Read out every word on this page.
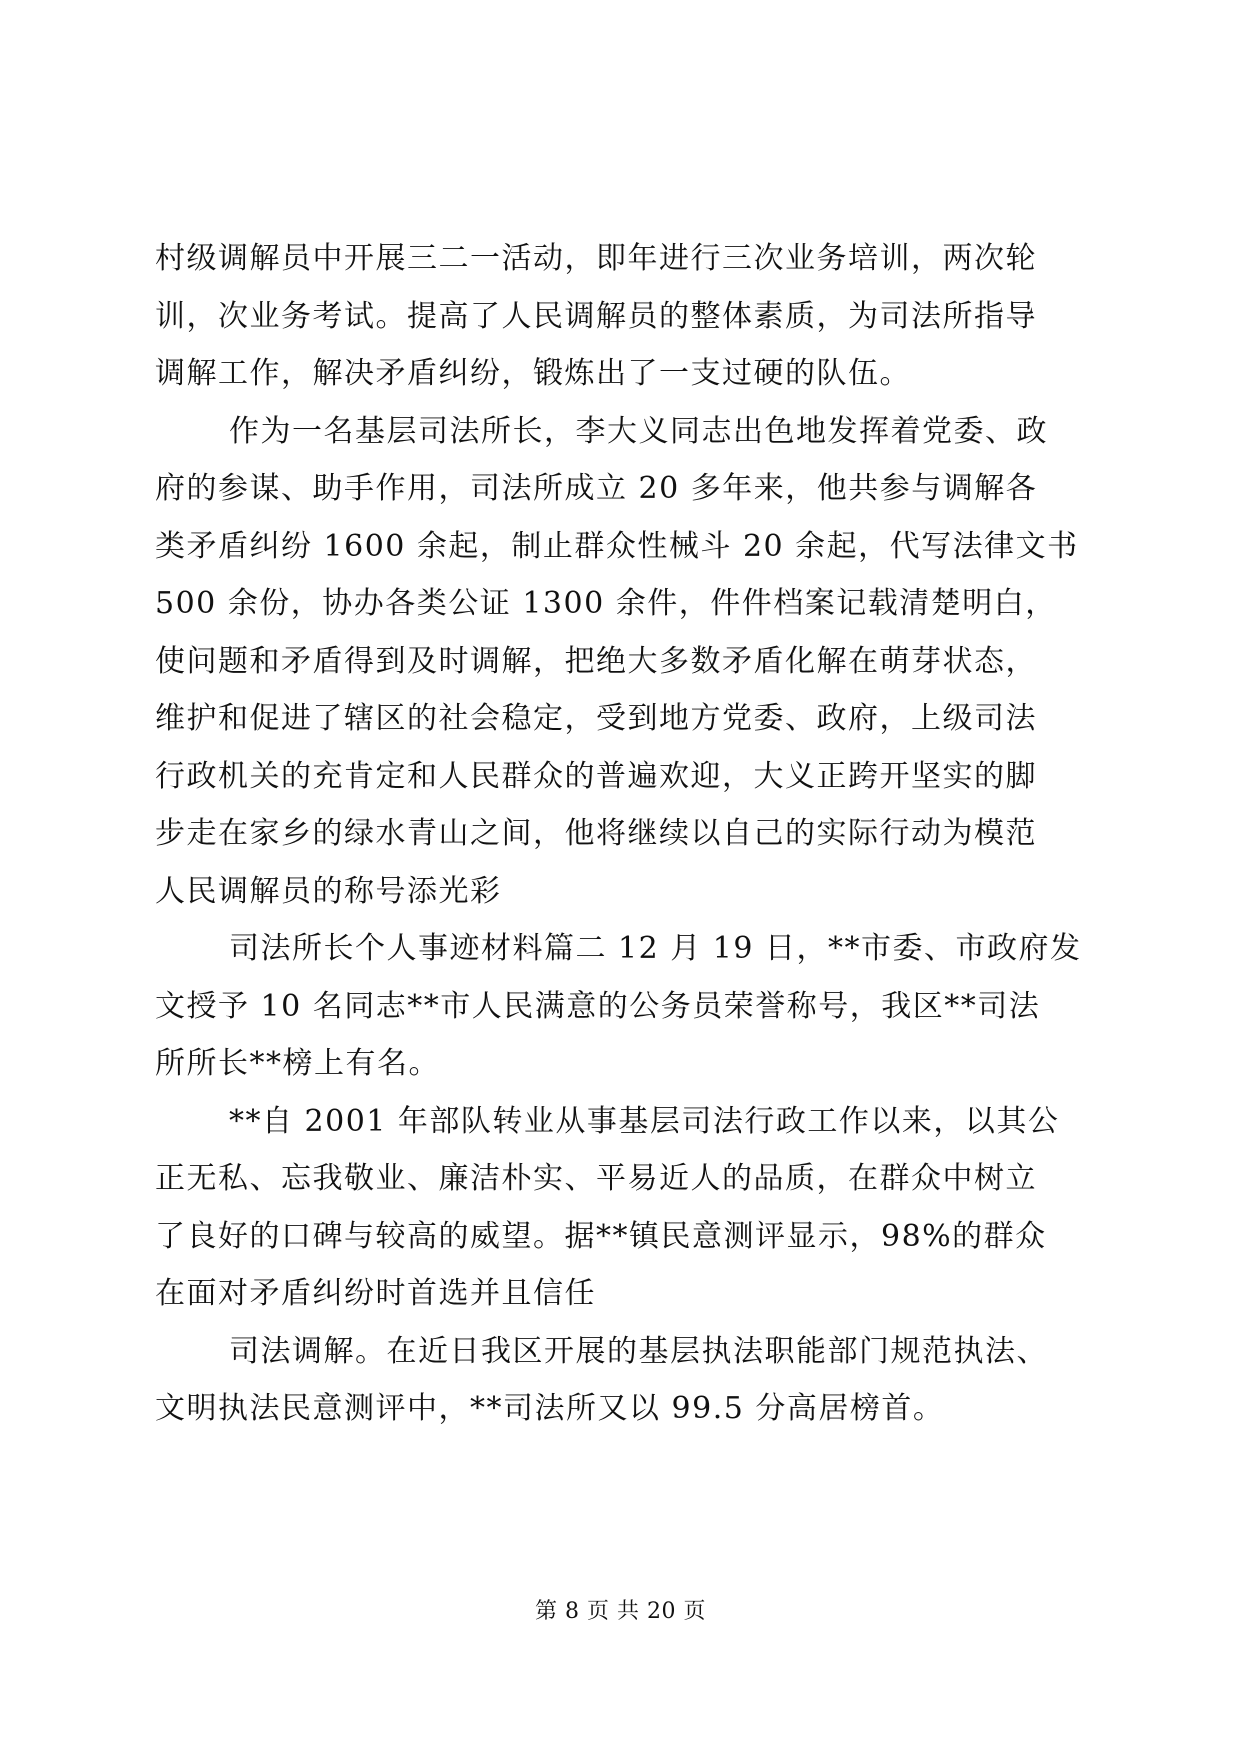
村级调解员中开展三二一活动，即年进行三次业务培训，两次轮
训，次业务考试。提高了人民调解员的整体素质，为司法所指导
调解工作，解决矛盾纠纷，锻炼出了一支过硬的队伍。
作为一名基层司法所长，李大义同志出色地发挥着党委、政
府的参谋、助手作用，司法所成立 20 多年来，他共参与调解各
类矛盾纠纷 1600 余起，制止群众性械斗 20 余起，代写法律文书
500 余份，协办各类公证 1300 余件，件件档案记载清楚明白，
使问题和矛盾得到及时调解，把绝大多数矛盾化解在萌芽状态，
维护和促进了辖区的社会稳定，受到地方党委、政府，上级司法
行政机关的充肯定和人民群众的普遍欢迎，大义正跨开坚实的脚
步走在家乡的绿水青山之间，他将继续以自己的实际行动为模范
人民调解员的称号添光彩
司法所长个人事迹材料篇二 12 月 19 日，**市委、市政府发
文授予 10 名同志**市人民满意的公务员荣誉称号，我区**司法
所所长**榜上有名。
**自 2001 年部队转业从事基层司法行政工作以来，以其公
正无私、忘我敬业、廉洁朴实、平易近人的品质，在群众中树立
了良好的口碑与较高的威望。据**镇民意测评显示，98%的群众
在面对矛盾纠纷时首选并且信任
司法调解。在近日我区开展的基层执法职能部门规范执法、
文明执法民意测评中，**司法所又以 99.5 分高居榜首。
第 8 页 共 20 页
